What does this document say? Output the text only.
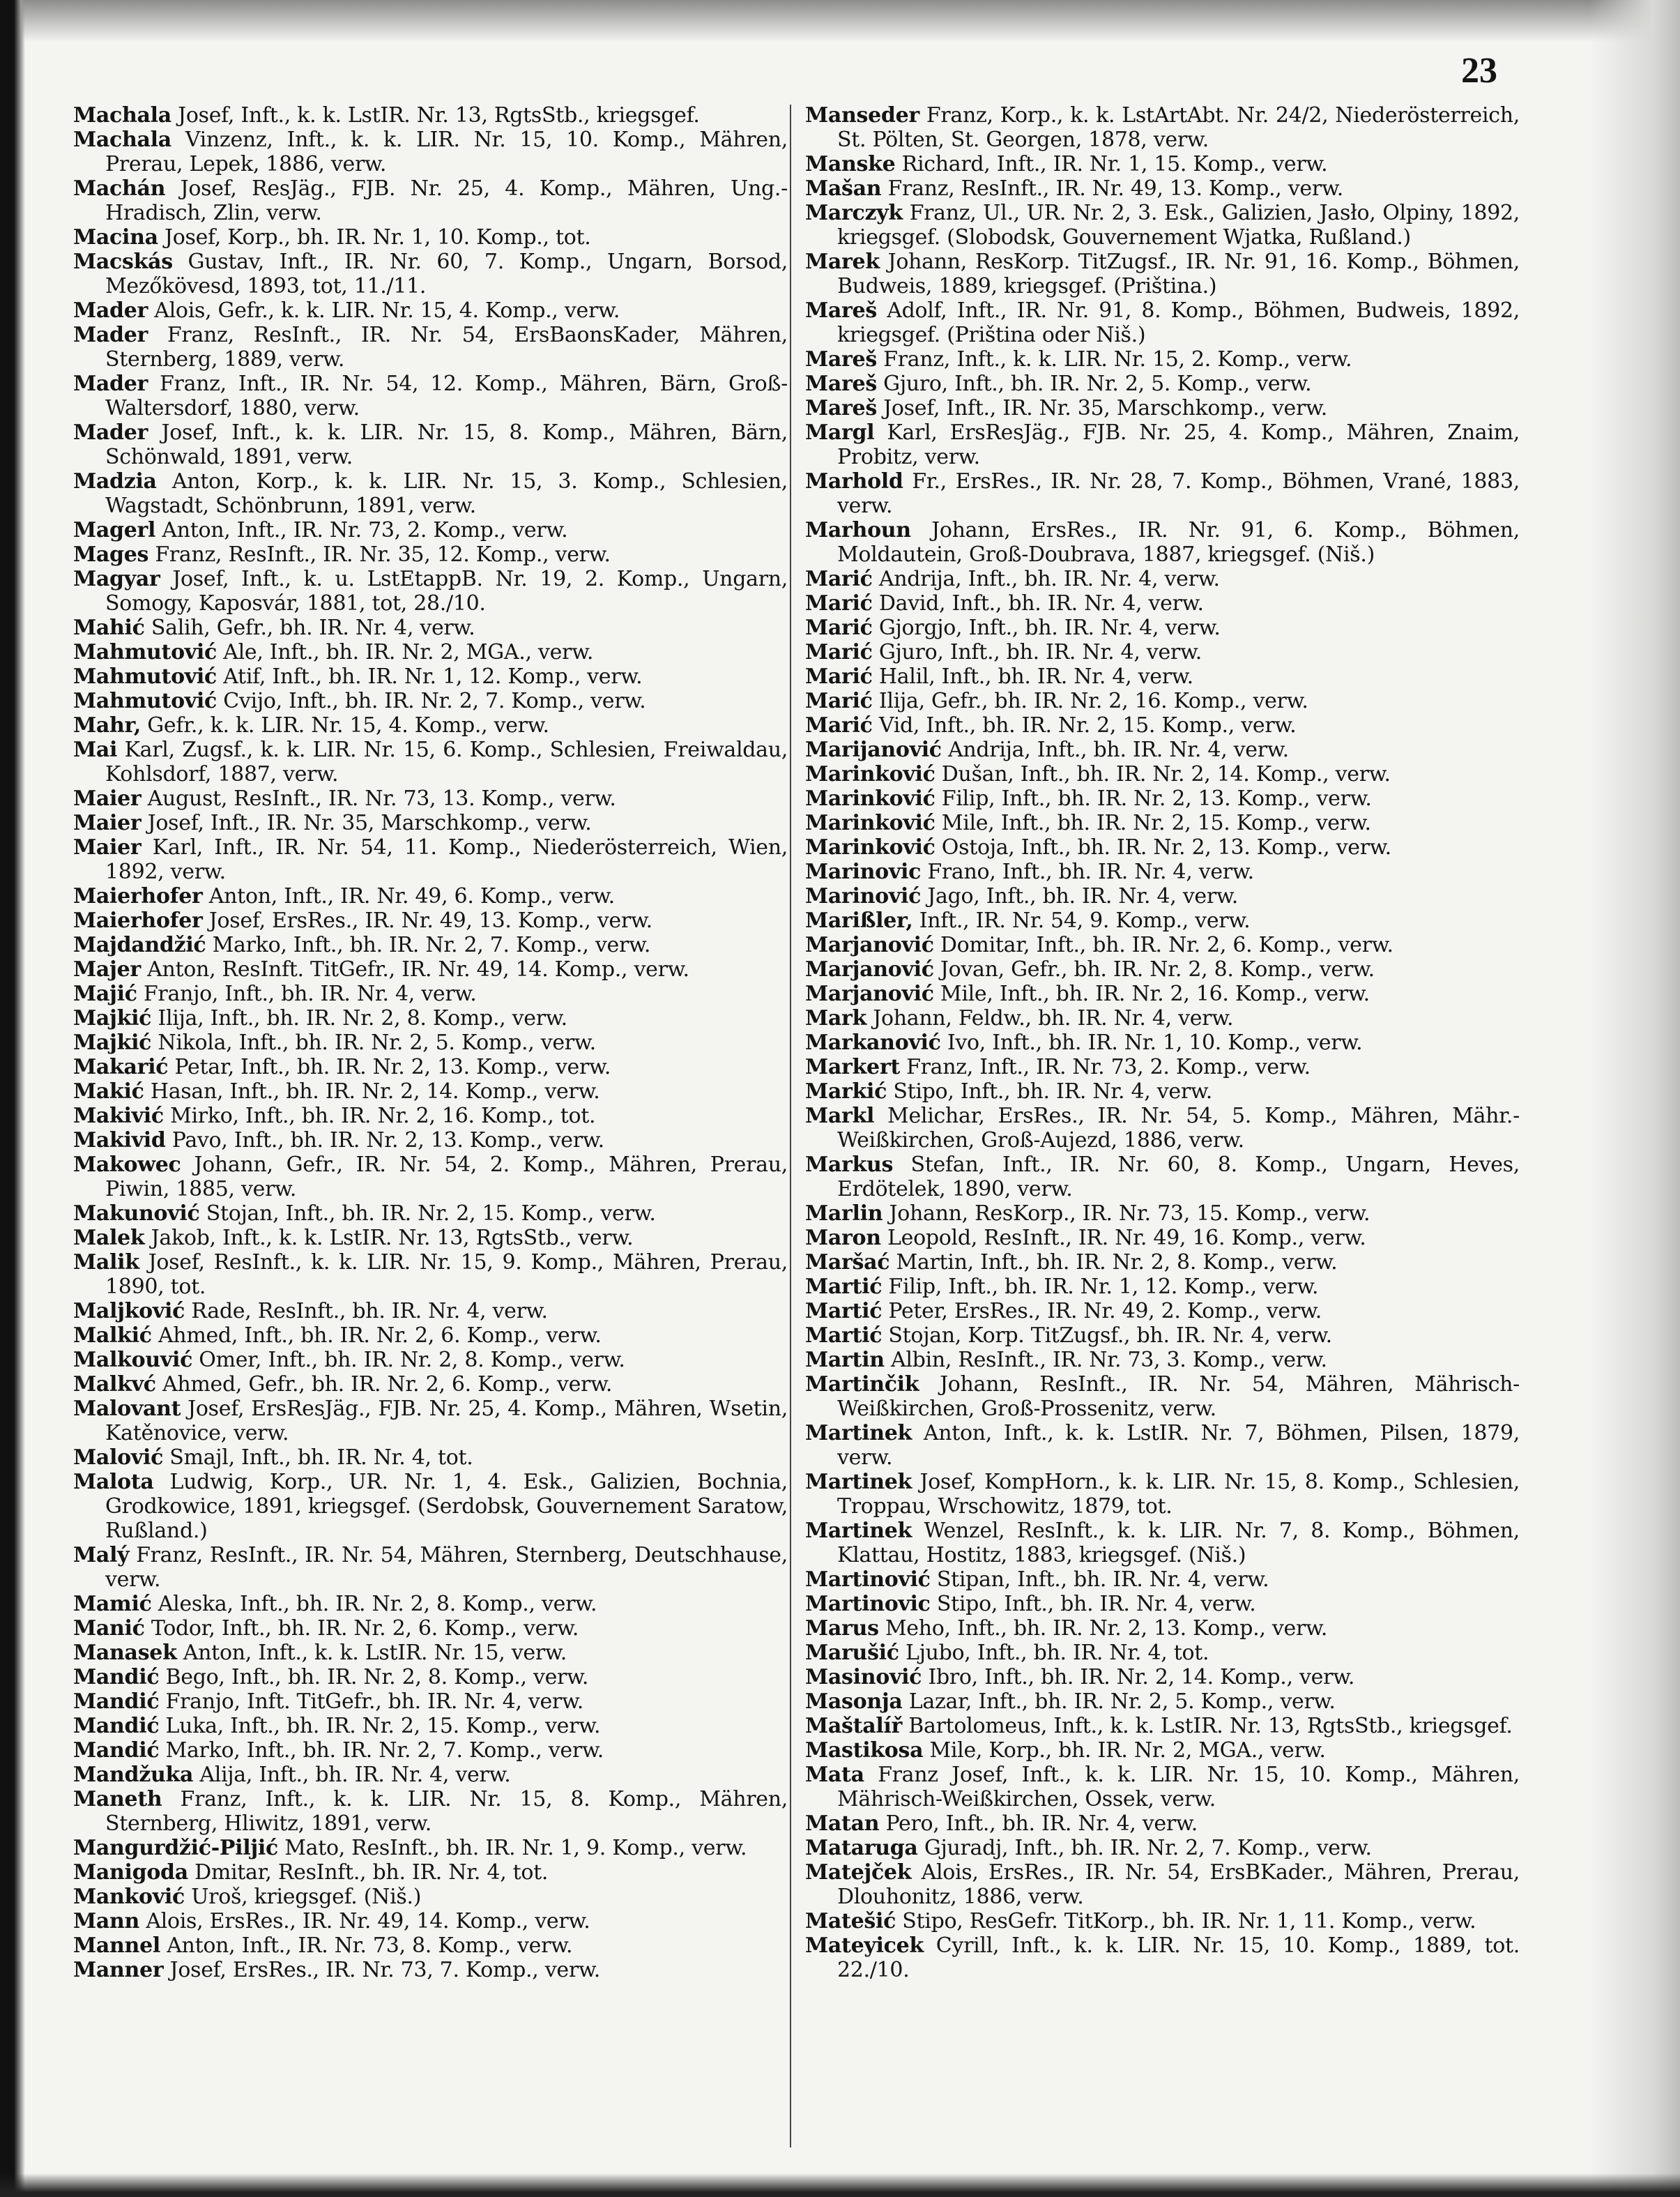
23
Machala Josef, Inft., k. k. LstIR. Nr. 13, RgtsStb., kriegsgef.
Machala Vinzenz, Inft., k. k. LIR. Nr. 15, 10. Komp., Mähren, Prerau, Lepek, 1886, verw.
Machán Josef, ResJäg., FJB. Nr. 25, 4. Komp., Mähren, Ung.-Hradisch, Zlin, verw.
Macina Josef, Korp., bh. IR. Nr. 1, 10. Komp., tot.
Macskás Gustav, Inft., IR. Nr. 60, 7. Komp., Ungarn, Borsod, Mezőkövesd, 1893, tot, 11./11.
Mader Alois, Gefr., k. k. LIR. Nr. 15, 4. Komp., verw.
Mader Franz, ResInft., IR. Nr. 54, ErsBaonsKader, Mähren, Sternberg, 1889, verw.
Mader Franz, Inft., IR. Nr. 54, 12. Komp., Mähren, Bärn, Groß-Waltersdorf, 1880, verw.
Mader Josef, Inft., k. k. LIR. Nr. 15, 8. Komp., Mähren, Bärn, Schönwald, 1891, verw.
Madzia Anton, Korp., k. k. LIR. Nr. 15, 3. Komp., Schlesien, Wagstadt, Schönbrunn, 1891, verw.
Magerl Anton, Inft., IR. Nr. 73, 2. Komp., verw.
Mages Franz, ResInft., IR. Nr. 35, 12. Komp., verw.
Magyar Josef, Inft., k. u. LstEtappB. Nr. 19, 2. Komp., Ungarn, Somogy, Kaposvár, 1881, tot, 28./10.
Mahić Salih, Gefr., bh. IR. Nr. 4, verw.
Mahmutović Ale, Inft., bh. IR. Nr. 2, MGA., verw.
Mahmutović Atif, Inft., bh. IR. Nr. 1, 12. Komp., verw.
Mahmutović Cvijo, Inft., bh. IR. Nr. 2, 7. Komp., verw.
Mahr, Gefr., k. k. LIR. Nr. 15, 4. Komp., verw.
Mai Karl, Zugsf., k. k. LIR. Nr. 15, 6. Komp., Schlesien, Freiwaldau, Kohlsdorf, 1887, verw.
Maier August, ResInft., IR. Nr. 73, 13. Komp., verw.
Maier Josef, Inft., IR. Nr. 35, Marschkomp., verw.
Maier Karl, Inft., IR. Nr. 54, 11. Komp., Niederösterreich, Wien, 1892, verw.
Maierhofer Anton, Inft., IR. Nr. 49, 6. Komp., verw.
Maierhofer Josef, ErsRes., IR. Nr. 49, 13. Komp., verw.
Majdandžić Marko, Inft., bh. IR. Nr. 2, 7. Komp., verw.
Majer Anton, ResInft. TitGefr., IR. Nr. 49, 14. Komp., verw.
Majić Franjo, Inft., bh. IR. Nr. 4, verw.
Majkić Ilija, Inft., bh. IR. Nr. 2, 8. Komp., verw.
Majkić Nikola, Inft., bh. IR. Nr. 2, 5. Komp., verw.
Makarić Petar, Inft., bh. IR. Nr. 2, 13. Komp., verw.
Makić Hasan, Inft., bh. IR. Nr. 2, 14. Komp., verw.
Makivić Mirko, Inft., bh. IR. Nr. 2, 16. Komp., tot.
Makivid Pavo, Inft., bh. IR. Nr. 2, 13. Komp., verw.
Makowec Johann, Gefr., IR. Nr. 54, 2. Komp., Mähren, Prerau, Piwin, 1885, verw.
Makunović Stojan, Inft., bh. IR. Nr. 2, 15. Komp., verw.
Malek Jakob, Inft., k. k. LstIR. Nr. 13, RgtsStb., verw.
Malik Josef, ResInft., k. k. LIR. Nr. 15, 9. Komp., Mähren, Prerau, 1890, tot.
Maljković Rade, ResInft., bh. IR. Nr. 4, verw.
Malkić Ahmed, Inft., bh. IR. Nr. 2, 6. Komp., verw.
Malkouvić Omer, Inft., bh. IR. Nr. 2, 8. Komp., verw.
Malkvć Ahmed, Gefr., bh. IR. Nr. 2, 6. Komp., verw.
Malovant Josef, ErsResJäg., FJB. Nr. 25, 4. Komp., Mähren, Wsetin, Katěnovice, verw.
Malović Smajl, Inft., bh. IR. Nr. 4, tot.
Malota Ludwig, Korp., UR. Nr. 1, 4. Esk., Galizien, Bochnia, Grodkowice, 1891, kriegsgef. (Serdobsk, Gouvernement Saratow, Rußland.)
Malý Franz, ResInft., IR. Nr. 54, Mähren, Sternberg, Deutschhause, verw.
Mamić Aleska, Inft., bh. IR. Nr. 2, 8. Komp., verw.
Manić Todor, Inft., bh. IR. Nr. 2, 6. Komp., verw.
Manasek Anton, Inft., k. k. LstIR. Nr. 15, verw.
Mandić Bego, Inft., bh. IR. Nr. 2, 8. Komp., verw.
Mandić Franjo, Inft. TitGefr., bh. IR. Nr. 4, verw.
Mandić Luka, Inft., bh. IR. Nr. 2, 15. Komp., verw.
Mandić Marko, Inft., bh. IR. Nr. 2, 7. Komp., verw.
Mandžuka Alija, Inft., bh. IR. Nr. 4, verw.
Maneth Franz, Inft., k. k. LIR. Nr. 15, 8. Komp., Mähren, Sternberg, Hliwitz, 1891, verw.
Mangurdžić-Piljić Mato, ResInft., bh. IR. Nr. 1, 9. Komp., verw.
Manigoda Dmitar, ResInft., bh. IR. Nr. 4, tot.
Manković Uroš, kriegsgef. (Niš.)
Mann Alois, ErsRes., IR. Nr. 49, 14. Komp., verw.
Mannel Anton, Inft., IR. Nr. 73, 8. Komp., verw.
Manner Josef, ErsRes., IR. Nr. 73, 7. Komp., verw.
Manseder Franz, Korp., k. k. LstArtAbt. Nr. 24/2, Niederösterreich, St. Pölten, St. Georgen, 1878, verw.
Manske Richard, Inft., IR. Nr. 1, 15. Komp., verw.
Mašan Franz, ResInft., IR. Nr. 49, 13. Komp., verw.
Marczyk Franz, Ul., UR. Nr. 2, 3. Esk., Galizien, Jasło, Olpiny, 1892, kriegsgef. (Slobodsk, Gouvernement Wjatka, Rußland.)
Marek Johann, ResKorp. TitZugsf., IR. Nr. 91, 16. Komp., Böhmen, Budweis, 1889, kriegsgef. (Priština.)
Mareš Adolf, Inft., IR. Nr. 91, 8. Komp., Böhmen, Budweis, 1892, kriegsgef. (Priština oder Niš.)
Mareš Franz, Inft., k. k. LIR. Nr. 15, 2. Komp., verw.
Mareš Gjuro, Inft., bh. IR. Nr. 2, 5. Komp., verw.
Mareš Josef, Inft., IR. Nr. 35, Marschkomp., verw.
Margl Karl, ErsResJäg., FJB. Nr. 25, 4. Komp., Mähren, Znaim, Probitz, verw.
Marhold Fr., ErsRes., IR. Nr. 28, 7. Komp., Böhmen, Vrané, 1883, verw.
Marhoun Johann, ErsRes., IR. Nr. 91, 6. Komp., Böhmen, Moldautein, Groß-Doubrava, 1887, kriegsgef. (Niš.)
Marić Andrija, Inft., bh. IR. Nr. 4, verw.
Marić David, Inft., bh. IR. Nr. 4, verw.
Marić Gjorgjo, Inft., bh. IR. Nr. 4, verw.
Marić Gjuro, Inft., bh. IR. Nr. 4, verw.
Marić Halil, Inft., bh. IR. Nr. 4, verw.
Marić Ilija, Gefr., bh. IR. Nr. 2, 16. Komp., verw.
Marić Vid, Inft., bh. IR. Nr. 2, 15. Komp., verw.
Marijanović Andrija, Inft., bh. IR. Nr. 4, verw.
Marinković Dušan, Inft., bh. IR. Nr. 2, 14. Komp., verw.
Marinković Filip, Inft., bh. IR. Nr. 2, 13. Komp., verw.
Marinković Mile, Inft., bh. IR. Nr. 2, 15. Komp., verw.
Marinković Ostoja, Inft., bh. IR. Nr. 2, 13. Komp., verw.
Marinovic Frano, Inft., bh. IR. Nr. 4, verw.
Marinović Jago, Inft., bh. IR. Nr. 4, verw.
Marißler, Inft., IR. Nr. 54, 9. Komp., verw.
Marjanović Domitar, Inft., bh. IR. Nr. 2, 6. Komp., verw.
Marjanović Jovan, Gefr., bh. IR. Nr. 2, 8. Komp., verw.
Marjanović Mile, Inft., bh. IR. Nr. 2, 16. Komp., verw.
Mark Johann, Feldw., bh. IR. Nr. 4, verw.
Markanović Ivo, Inft., bh. IR. Nr. 1, 10. Komp., verw.
Markert Franz, Inft., IR. Nr. 73, 2. Komp., verw.
Markić Stipo, Inft., bh. IR. Nr. 4, verw.
Markl Melichar, ErsRes., IR. Nr. 54, 5. Komp., Mähren, Mähr.-Weißkirchen, Groß-Aujezd, 1886, verw.
Markus Stefan, Inft., IR. Nr. 60, 8. Komp., Ungarn, Heves, Erdötelek, 1890, verw.
Marlin Johann, ResKorp., IR. Nr. 73, 15. Komp., verw.
Maron Leopold, ResInft., IR. Nr. 49, 16. Komp., verw.
Maršać Martin, Inft., bh. IR. Nr. 2, 8. Komp., verw.
Martić Filip, Inft., bh. IR. Nr. 1, 12. Komp., verw.
Martić Peter, ErsRes., IR. Nr. 49, 2. Komp., verw.
Martić Stojan, Korp. TitZugsf., bh. IR. Nr. 4, verw.
Martin Albin, ResInft., IR. Nr. 73, 3. Komp., verw.
Martinčik Johann, ResInft., IR. Nr. 54, Mähren, Mährisch-Weißkirchen, Groß-Prossenitz, verw.
Martinek Anton, Inft., k. k. LstIR. Nr. 7, Böhmen, Pilsen, 1879, verw.
Martinek Josef, KompHorn., k. k. LIR. Nr. 15, 8. Komp., Schlesien, Troppau, Wrschowitz, 1879, tot.
Martinek Wenzel, ResInft., k. k. LIR. Nr. 7, 8. Komp., Böhmen, Klattau, Hostitz, 1883, kriegsgef. (Niš.)
Martinović Stipan, Inft., bh. IR. Nr. 4, verw.
Martinovic Stipo, Inft., bh. IR. Nr. 4, verw.
Marus Meho, Inft., bh. IR. Nr. 2, 13. Komp., verw.
Marušić Ljubo, Inft., bh. IR. Nr. 4, tot.
Masinović Ibro, Inft., bh. IR. Nr. 2, 14. Komp., verw.
Masonja Lazar, Inft., bh. IR. Nr. 2, 5. Komp., verw.
Maštalíř Bartolomeus, Inft., k. k. LstIR. Nr. 13, RgtsStb., kriegsgef.
Mastikosa Mile, Korp., bh. IR. Nr. 2, MGA., verw.
Mata Franz Josef, Inft., k. k. LIR. Nr. 15, 10. Komp., Mähren, Mährisch-Weißkirchen, Ossek, verw.
Matan Pero, Inft., bh. IR. Nr. 4, verw.
Mataruga Gjuradj, Inft., bh. IR. Nr. 2, 7. Komp., verw.
Matejček Alois, ErsRes., IR. Nr. 54, ErsBKader., Mähren, Prerau, Dlouhonitz, 1886, verw.
Matešić Stipo, ResGefr. TitKorp., bh. IR. Nr. 1, 11. Komp., verw.
Mateyicek Cyrill, Inft., k. k. LIR. Nr. 15, 10. Komp., 1889, tot. 22./10.
